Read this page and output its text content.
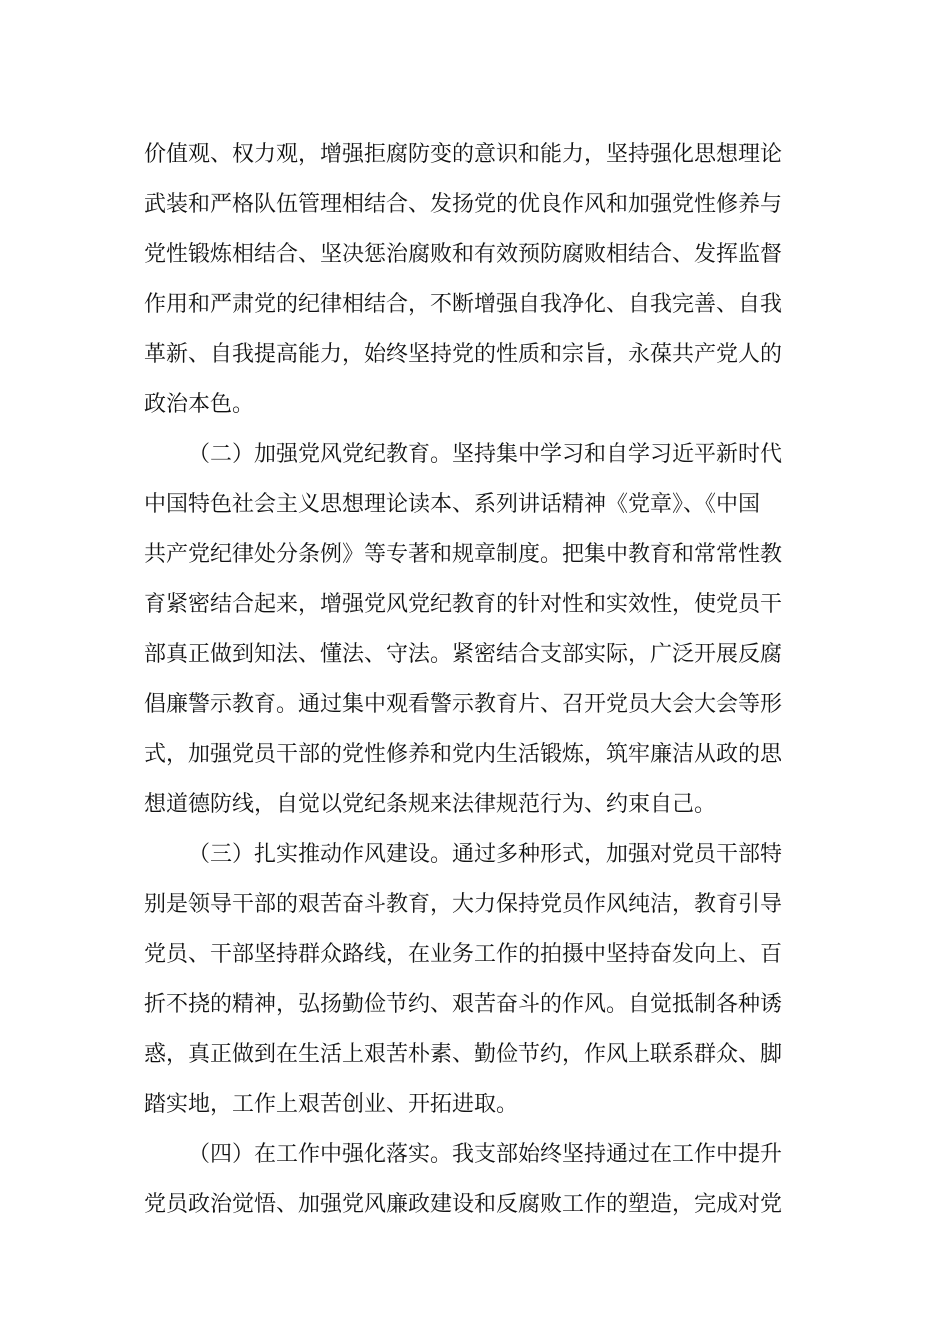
价值观、权力观，增强拒腐防变的意识和能力，坚持强化思想理论
武装和严格队伍管理相结合、发扬党的优良作风和加强党性修养与
党性锻炼相结合、坚决惩治腐败和有效预防腐败相结合、发挥监督
作用和严肃党的纪律相结合，不断增强自我净化、自我完善、自我
革新、自我提高能力，始终坚持党的性质和宗旨，永葆共产党人的
政治本色。

（二）加强党风党纪教育。坚持集中学习和自学习近平新时代
中国特色社会主义思想理论读本、系列讲话精神《党章》、《中国
共产党纪律处分条例》等专著和规章制度。把集中教育和常常性教
育紧密结合起来，增强党风党纪教育的针对性和实效性，使党员干
部真正做到知法、懂法、守法。紧密结合支部实际，广泛开展反腐
倡廉警示教育。通过集中观看警示教育片、召开党员大会大会等形
式，加强党员干部的党性修养和党内生活锻炼，筑牢廉洁从政的思
想道德防线，自觉以党纪条规来法律规范行为、约束自己。

（三）扎实推动作风建设。通过多种形式，加强对党员干部特
别是领导干部的艰苦奋斗教育，大力保持党员作风纯洁，教育引导
党员、干部坚持群众路线，在业务工作的拍摄中坚持奋发向上、百
折不挠的精神，弘扬勤俭节约、艰苦奋斗的作风。自觉抵制各种诱
惑，真正做到在生活上艰苦朴素、勤俭节约，作风上联系群众、脚
踏实地，工作上艰苦创业、开拓进取。

（四）在工作中强化落实。我支部始终坚持通过在工作中提升
党员政治觉悟、加强党风廉政建设和反腐败工作的塑造，完成对党
